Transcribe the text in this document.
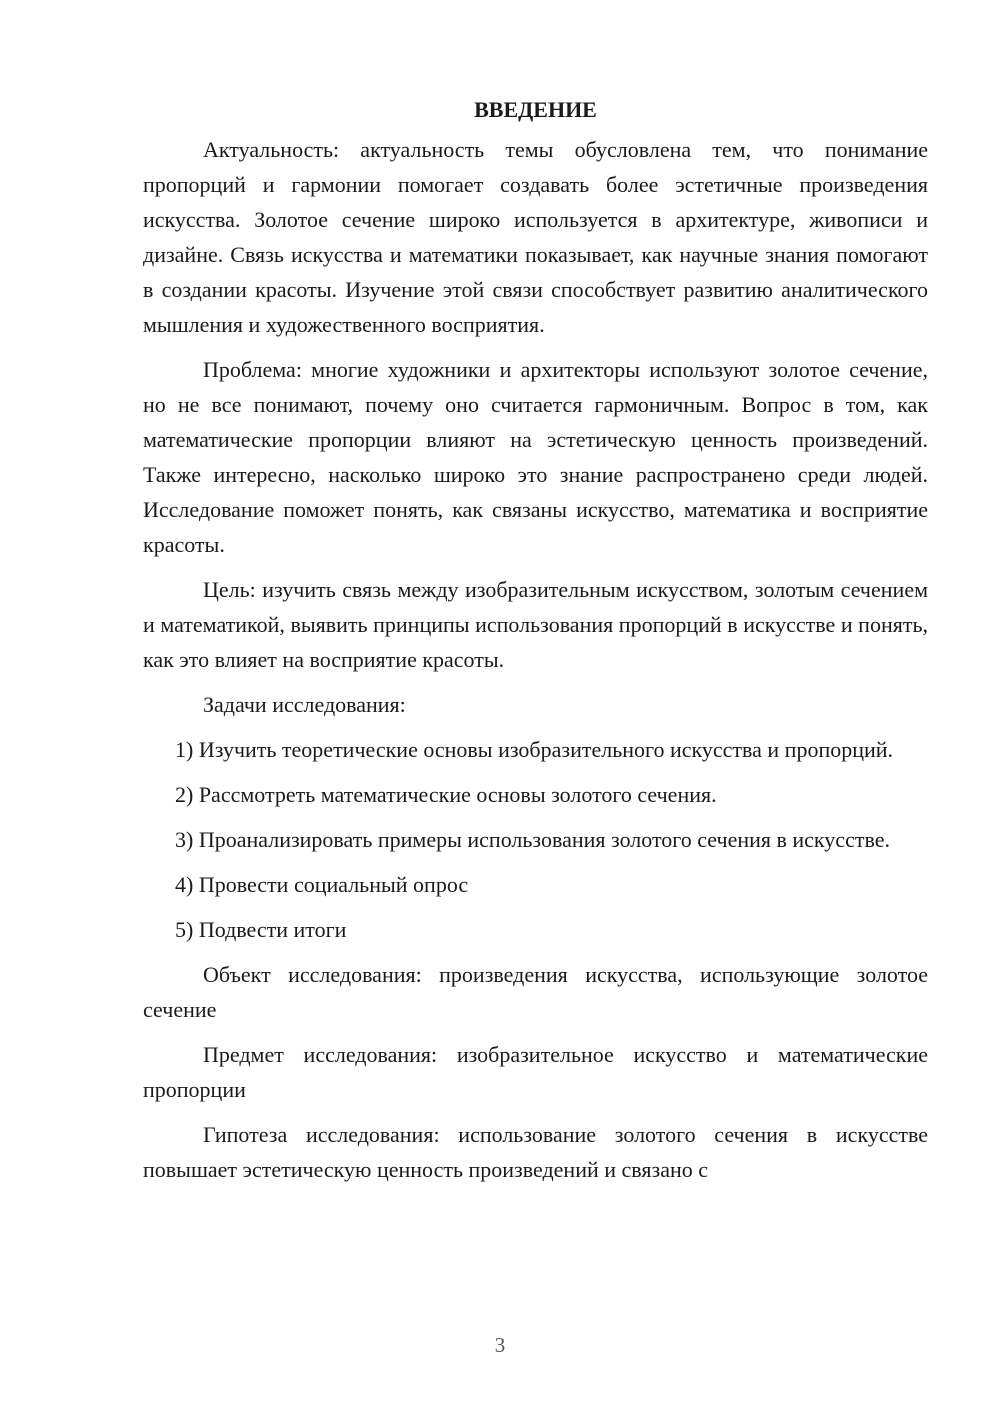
ВВЕДЕНИЕ

Актуальность: актуальность темы обусловлена тем, что понимание пропорций и гармонии помогает создавать более эстетичные произведения искусства. Золотое сечение широко используется в архитектуре, живописи и дизайне. Связь искусства и математики показывает, как научные знания помогают в создании красоты. Изучение этой связи способствует развитию аналитического мышления и художественного восприятия.

Проблема: многие художники и архитекторы используют золотое сечение, но не все понимают, почему оно считается гармоничным. Вопрос в том, как математические пропорции влияют на эстетическую ценность произведений. Также интересно, насколько широко это знание распространено среди людей. Исследование поможет понять, как связаны искусство, математика и восприятие красоты.

Цель: изучить связь между изобразительным искусством, золотым сечением и математикой, выявить принципы использования пропорций в искусстве и понять, как это влияет на восприятие красоты.

Задачи исследования:

1) Изучить теоретические основы изобразительного искусства и пропорций.

2) Рассмотреть математические основы золотого сечения.

3) Проанализировать примеры использования золотого сечения в искусстве.

4) Провести социальный опрос

5) Подвести итоги

Объект исследования: произведения искусства, использующие золотое сечение

Предмет исследования: изобразительное искусство и математические пропорции

Гипотеза исследования: использование золотого сечения в искусстве повышает эстетическую ценность произведений и связано с

3
